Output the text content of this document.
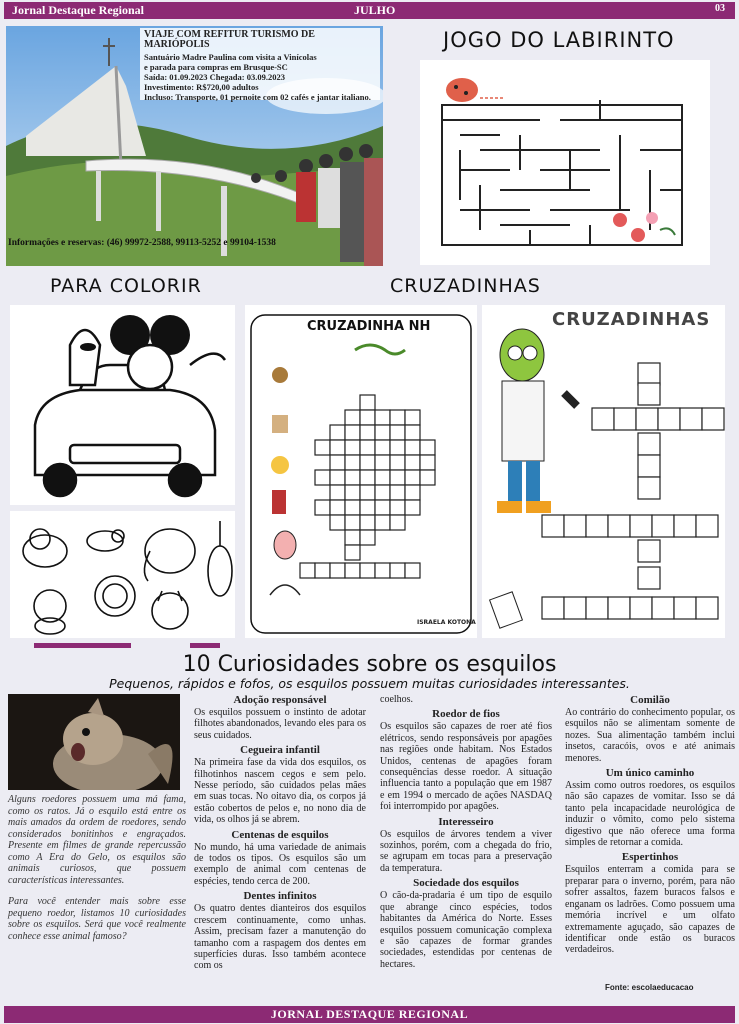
Jornal Destaque Regional	JULHO	03
VIAJE COM REFITUR TURISMO DE MARIÓPOLIS
Santuário Madre Paulina com visita a Vinícolas
e parada para compras em Brusque-SC
Saída: 01.09.2023 Chegada: 03.09.2023
Investimento: R$720,00 adultos
Incluso: Transporte, 01 pernoite com 02 cafés e jantar italiano.
Informações e reservas: (46) 99972-2588, 99113-5252 e 99104-1538
JOGO DO LABIRINTO
PARA COLORIR	CRUZADINHAS
CRUZADINHA NH
ISRAELA KOTONA
CRUZADINHAS
10 Curiosidades sobre os esquilos
Pequenos, rápidos e fofos, os esquilos possuem muitas curiosidades interessantes.

Alguns roedores possuem uma má fama, como os ratos. Já o esquilo está entre os mais amados da ordem de roedores, sendo considerados bonitinhos e engraçados. Presente em filmes de grande repercussão como A Era do Gelo, os esquilos são animais curiosos, que possuem características interessantes.

Para você entender mais sobre esse pequeno roedor, listamos 10 curiosidades sobre os esquilos. Será que você realmente conhece esse animal famoso?

Adoção responsável

Os esquilos possuem o instinto de adotar filhotes abandonados, levando eles para os seus cuidados.

Cegueira infantil

Na primeira fase da vida dos esquilos, os filhotinhos nascem cegos e sem pelo. Nesse período, são cuidados pelas mães em suas tocas. No oitavo dia, os corpos já estão cobertos de pelos e, no nono dia de vida, os olhos já se abrem.

Centenas de esquilos

No mundo, há uma variedade de animais de todos os tipos. Os esquilos são um exemplo de animal com centenas de espécies, tendo cerca de 200.

Dentes infinitos

Os quatro dentes dianteiros dos esquilos crescem continuamente, como unhas. Assim, precisam fazer a manutenção do tamanho com a raspagem dos dentes em superfícies duras. Isso também acontece com os

coelhos.

Roedor de fios

Os esquilos são capazes de roer até fios elétricos, sendo responsáveis por apagões nas regiões onde habitam. Nos Estados Unidos, centenas de apagões foram consequências desse roedor. A situação influencia tanto a população que em 1987 e em 1994 o mercado de ações NASDAQ foi interrompido por apagões.

Interesseiro

Os esquilos de árvores tendem a viver sozinhos, porém, com a chegada do frio, se agrupam em tocas para a preservação da temperatura.

Sociedade dos esquilos

O cão-da-pradaria é um tipo de esquilo que abrange cinco espécies, todos habitantes da América do Norte. Esses esquilos possuem comunicação complexa e são capazes de formar grandes sociedades, estendidas por centenas de hectares.

Comilão

Ao contrário do conhecimento popular, os esquilos não se alimentam somente de nozes. Sua alimentação também inclui insetos, caracóis, ovos e até animais menores.

Um único caminho

Assim como outros roedores, os esquilos não são capazes de vomitar. Isso se dá tanto pela incapacidade neurológica de induzir o vômito, como pelo sistema digestivo que não oferece uma forma simples de retornar a comida.

Espertinhos

Esquilos enterram a comida para se preparar para o inverno, porém, para não sofrer assaltos, fazem buracos falsos e enganam os ladrões. Como possuem uma memória incrível e um olfato extremamente aguçado, são capazes de identificar onde estão os buracos verdadeiros.

Fonte: escolaeducacao
JORNAL DESTAQUE REGIONAL
